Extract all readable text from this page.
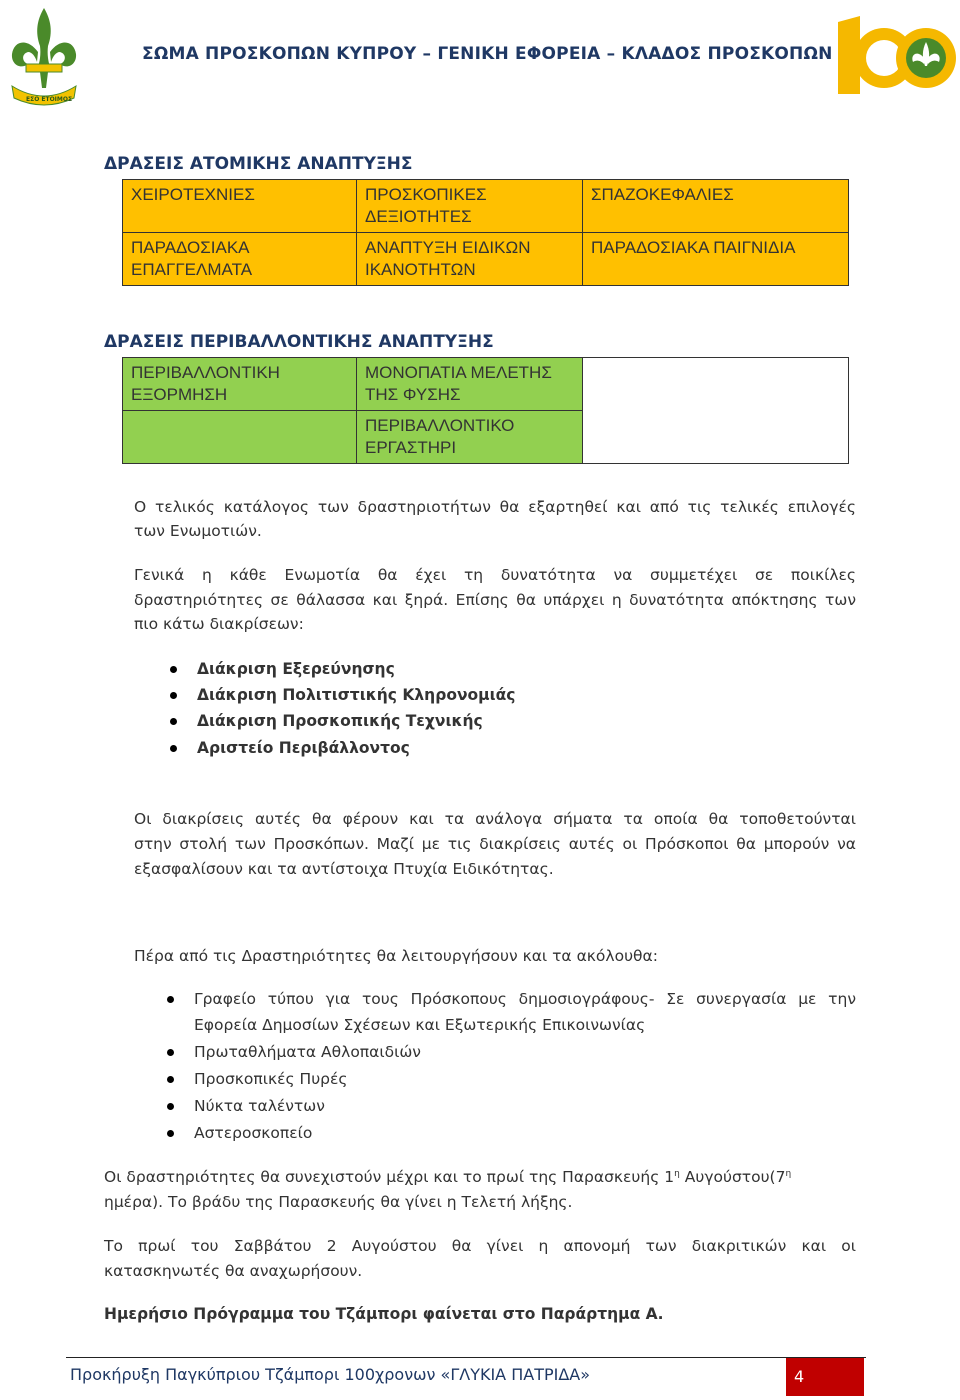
ΕΣΟ ΕΤΟΙΜΟΣ
ΣΩΜΑ ΠΡΟΣΚΟΠΩΝ ΚΥΠΡΟΥ – ΓΕΝΙΚΗ ΕΦΟΡΕΙΑ – ΚΛΑΔΟΣ ΠΡΟΣΚΟΠΩΝ
ΔΡΑΣΕΙΣ ΑΤΟΜΙΚΗΣ ΑΝΑΠΤΥΞΗΣ
ΧΕΙΡΟΤΕΧΝΙΕΣ	ΠΡΟΣΚΟΠΙΚΕΣ ΔΕΞΙΟΤΗΤΕΣ	ΣΠΑΖΟΚΕΦΑΛΙΕΣ
ΠΑΡΑΔΟΣΙΑΚΑ ΕΠΑΓΓΕΛΜΑΤΑ	ΑΝΑΠΤΥΞΗ ΕΙΔΙΚΩΝ ΙΚΑΝΟΤΗΤΩΝ	ΠΑΡΑΔΟΣΙΑΚΑ ΠΑΙΓΝΙΔΙΑ
ΔΡΑΣΕΙΣ ΠΕΡΙΒΑΛΛΟΝΤΙΚΗΣ ΑΝΑΠΤΥΞΗΣ
ΠΕΡΙΒΑΛΛΟΝΤΙΚΗ ΕΞΟΡΜΗΣΗ	ΜΟΝΟΠΑΤΙΑ ΜΕΛΕΤΗΣ ΤΗΣ ΦΥΣΗΣ	
	ΠΕΡΙΒΑΛΛΟΝΤΙΚΟ ΕΡΓΑΣΤΗΡΙ	
Ο τελικός κατάλογος των δραστηριοτήτων θα εξαρτηθεί και από τις τελικές επιλογές
των Ενωμοτιών.
Γενικά η κάθε Ενωμοτία θα έχει τη δυνατότητα να συμμετέχει σε ποικίλες
δραστηριότητες σε θάλασσα και ξηρά. Επίσης θα υπάρχει η δυνατότητα απόκτησης των
πιο κάτω διακρίσεων:
Διάκριση Εξερεύνησης
Διάκριση Πολιτιστικής Κληρονομιάς
Διάκριση Προσκοπικής Τεχνικής
Αριστείο Περιβάλλοντος
Οι διακρίσεις αυτές θα φέρουν και τα ανάλογα σήματα τα οποία θα τοποθετούνται
στην στολή των Προσκόπων. Μαζί με τις διακρίσεις αυτές οι Πρόσκοποι θα μπορούν να
εξασφαλίσουν και τα αντίστοιχα Πτυχία Ειδικότητας.
Πέρα από τις Δραστηριότητες θα λειτουργήσουν και τα ακόλουθα:
Γραφείο τύπου για τους Πρόσκοπους δημοσιογράφους- Σε συνεργασία με την
Εφορεία Δημοσίων Σχέσεων και Εξωτερικής Επικοινωνίας
Πρωταθλήματα Αθλοπαιδιών
Προσκοπικές Πυρές
Νύκτα ταλέντων
Αστεροσκοπείο
Οι δραστηριότητες θα συνεχιστούν μέχρι και το πρωί της Παρασκευής $1^\eta$ $A\upsilon\gamma oύ\sigma\tau o\upsilon(7^\eta$
ημέρα). Το βράδυ της Παρασκευής θα γίνει η Τελετή λήξης.
Το πρωί του Σαββάτου 2 Αυγούστου θα γίνει η απονομή των διακριτικών και οι
κατασκηνωτές θα αναχωρήσουν.
Ημερήσιο Πρόγραμμα του Τζάμπορι φαίνεται στο Παράρτημα Α.
Προκήρυξη Παγκύπριου Τζάμπορι 100χρονων «ΓΛΥΚΙΑ ΠΑΤΡΙΔΑ»	4
